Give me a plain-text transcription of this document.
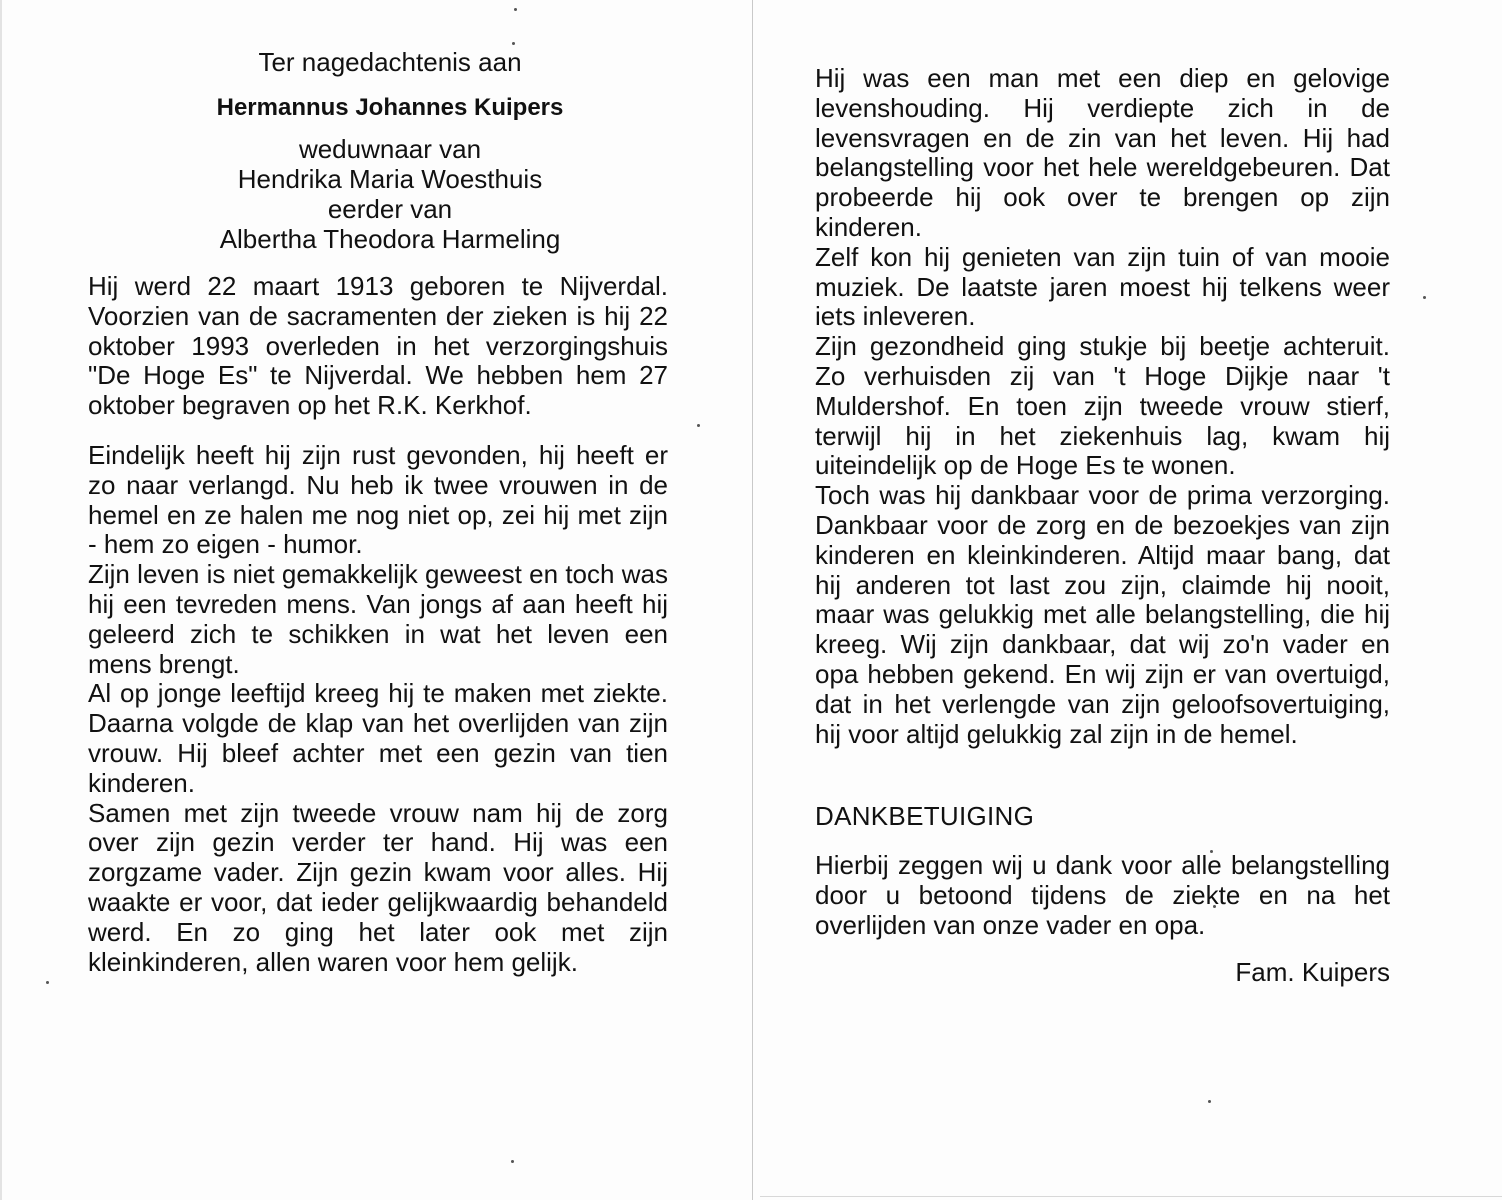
Ter nagedachtenis aan
Hermannus Johannes Kuipers
weduwnaar van
Hendrika Maria Woesthuis
eerder van
Albertha Theodora Harmeling

Hij werd 22 maart 1913 geboren te Nijverdal. Voorzien van de sacramenten der zieken is hij 22 oktober 1993 overleden in het verzorgingshuis "De Hoge Es" te Nijverdal. We hebben hem 27 oktober begraven op het R.K. Kerkhof.

Eindelijk heeft hij zijn rust gevonden, hij heeft er zo naar verlangd. Nu heb ik twee vrouwen in de hemel en ze halen me nog niet op, zei hij met zijn - hem zo eigen - humor.

Zijn leven is niet gemakkelijk geweest en toch was hij een tevreden mens. Van jongs af aan heeft hij geleerd zich te schikken in wat het leven een mens brengt.

Al op jonge leeftijd kreeg hij te maken met ziekte. Daarna volgde de klap van het overlijden van zijn vrouw. Hij bleef achter met een gezin van tien kinderen.

Samen met zijn tweede vrouw nam hij de zorg over zijn gezin verder ter hand. Hij was een zorgzame vader. Zijn gezin kwam voor alles. Hij waakte er voor, dat ieder gelijkwaardig behandeld werd. En zo ging het later ook met zijn kleinkinderen, allen waren voor hem gelijk.

Hij was een man met een diep en gelovige levenshouding. Hij verdiepte zich in de levensvragen en de zin van het leven. Hij had belangstelling voor het hele wereldgebeuren. Dat probeerde hij ook over te brengen op zijn kinderen.

Zelf kon hij genieten van zijn tuin of van mooie muziek. De laatste jaren moest hij telkens weer iets inleveren.

Zijn gezondheid ging stukje bij beetje achteruit. Zo verhuisden zij van 't Hoge Dijkje naar 't Muldershof. En toen zijn tweede vrouw stierf, terwijl hij in het ziekenhuis lag, kwam hij uiteindelijk op de Hoge Es te wonen.

Toch was hij dankbaar voor de prima verzorging. Dankbaar voor de zorg en de bezoekjes van zijn kinderen en kleinkinderen. Altijd maar bang, dat hij anderen tot last zou zijn, claimde hij nooit, maar was gelukkig met alle belangstelling, die hij kreeg. Wij zijn dankbaar, dat wij zo'n vader en opa hebben gekend. En wij zijn er van overtuigd, dat in het verlengde van zijn geloofsovertuiging, hij voor altijd gelukkig zal zijn in de hemel.

DANKBETUIGING

Hierbij zeggen wij u dank voor alle belangstelling door u betoond tijdens de ziekte en na het overlijden van onze vader en opa.

Fam. Kuipers
